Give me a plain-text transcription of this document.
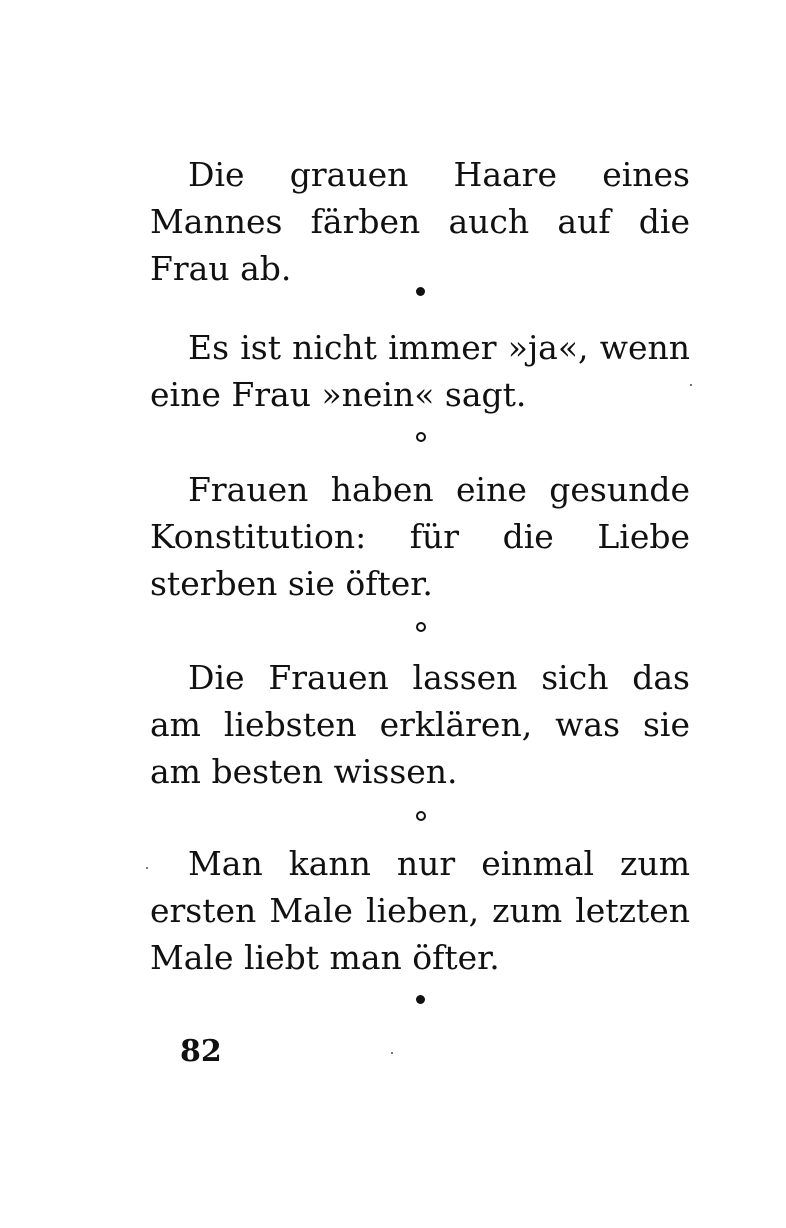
Die grauen Haare eines
Mannes färben auch auf die
Frau ab.
Es ist nicht immer »ja«, wenn
eine Frau »nein« sagt.
Frauen haben eine gesunde
Konstitution: für die Liebe
sterben sie öfter.
Die Frauen lassen sich das
am liebsten erklären, was sie
am besten wissen.
Man kann nur einmal zum
ersten Male lieben, zum letzten
Male liebt man öfter.
82
